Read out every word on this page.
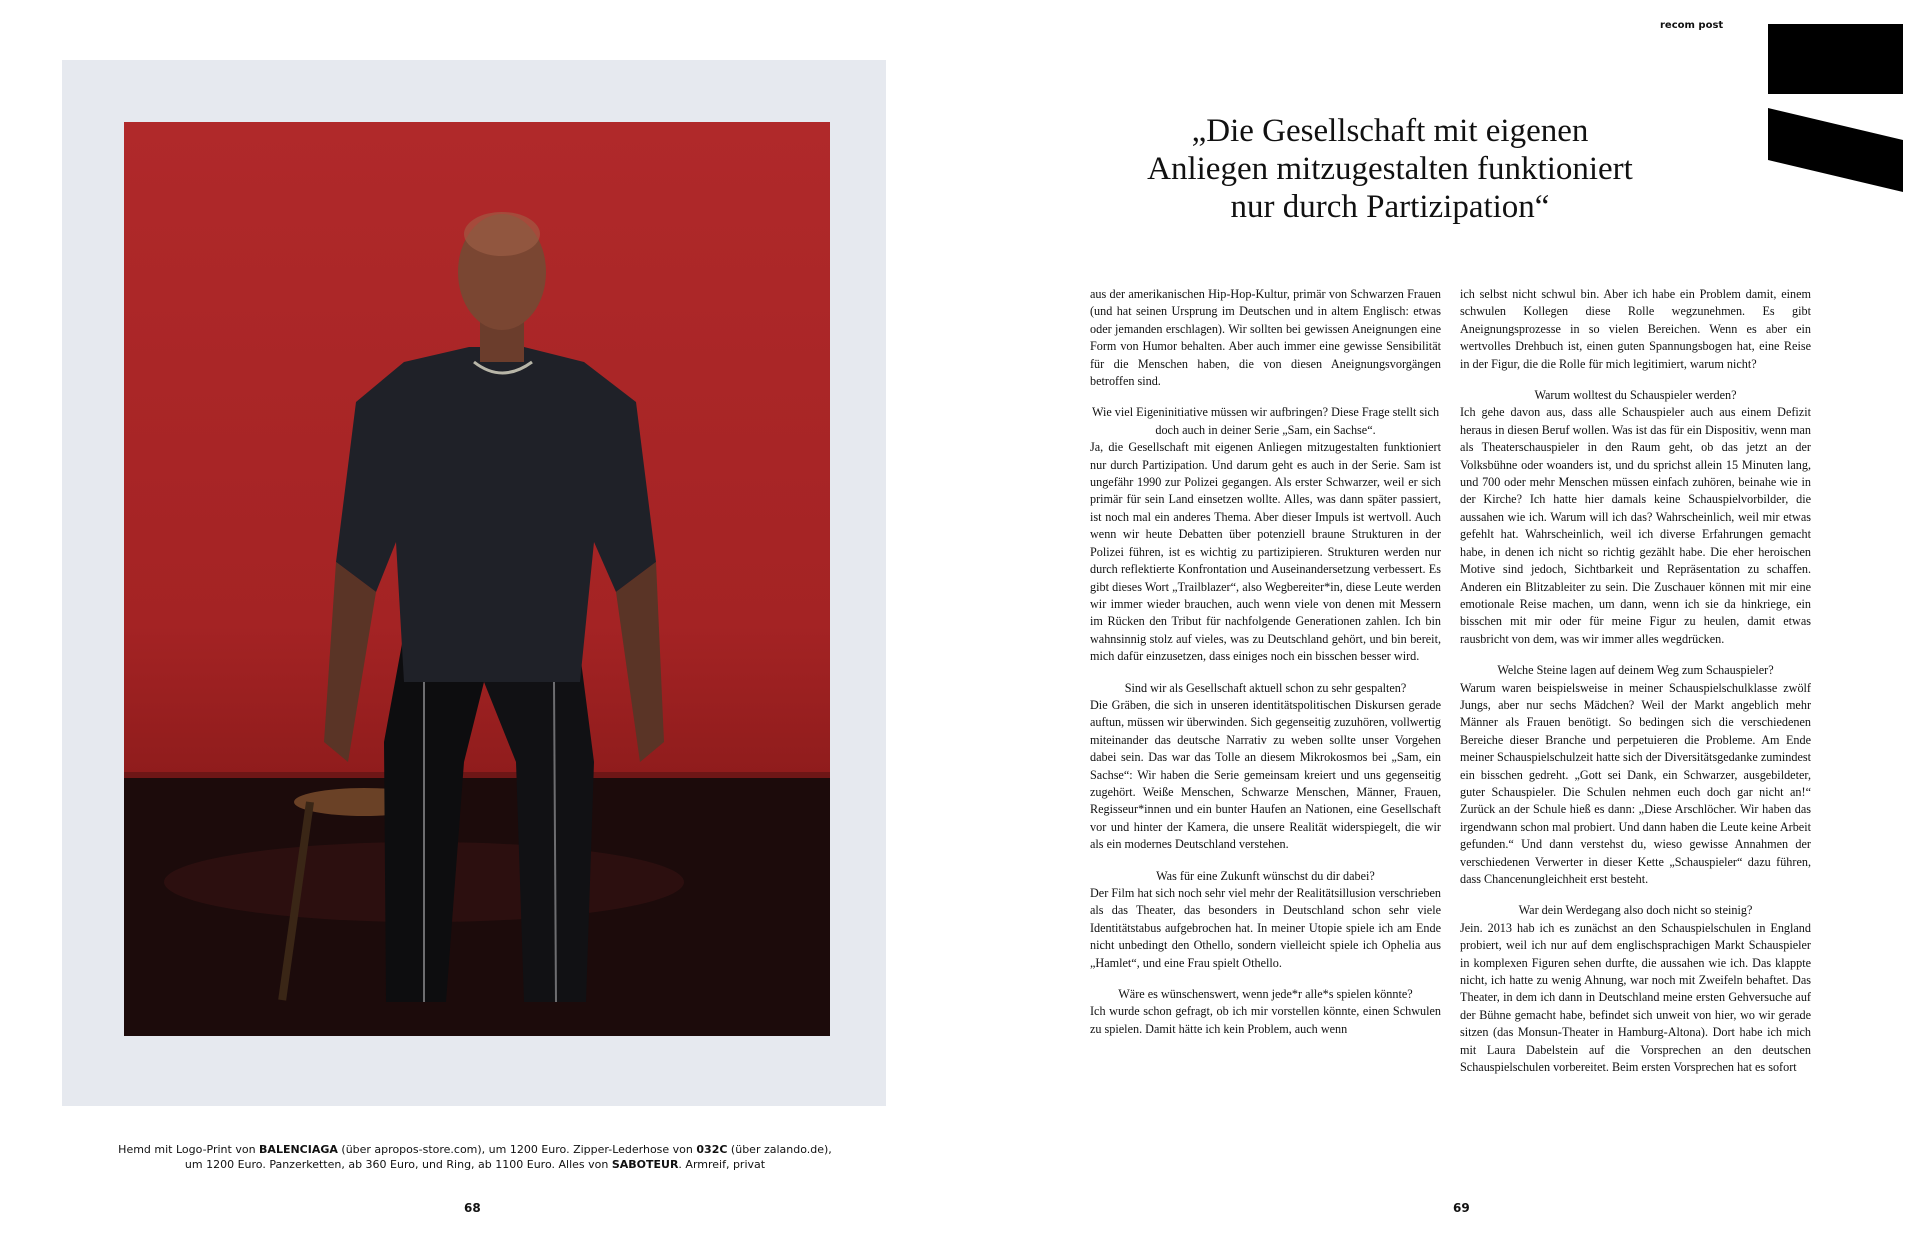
Hemd mit Logo-Print von BALENCIAGA (über apropos-store.com), um 1200 Euro. Zipper-Lederhose von 032C (über zalando.de), um 1200 Euro. Panzerketten, ab 360 Euro, und Ring, ab 1100 Euro. Alles von SABOTEUR. Armreif, privat
68
recom post
„Die Gesellschaft mit eigenen Anliegen mitzugestalten funktioniert nur durch Partizipation“

aus der amerikanischen Hip-Hop-Kultur, primär von Schwarzen Frauen (und hat seinen Ursprung im Deutschen und in altem Englisch: etwas oder jemanden erschlagen). Wir sollten bei gewissen Aneignungen eine Form von Humor behalten. Aber auch immer eine gewisse Sensibilität für die Menschen haben, die von diesen Aneignungsvorgängen betroffen sind.

Wie viel Eigeninitiative müssen wir aufbringen? Diese Frage stellt sich doch auch in deiner Serie „Sam, ein Sachse“.

Ja, die Gesellschaft mit eigenen Anliegen mitzugestalten funktioniert nur durch Partizipation. Und darum geht es auch in der Serie. Sam ist ungefähr 1990 zur Polizei gegangen. Als erster Schwarzer, weil er sich primär für sein Land einsetzen wollte. Alles, was dann später passiert, ist noch mal ein anderes Thema. Aber dieser Impuls ist wertvoll. Auch wenn wir heute Debatten über potenziell braune Strukturen in der Polizei führen, ist es wichtig zu partizipieren. Strukturen werden nur durch reflektierte Konfrontation und Auseinandersetzung verbessert. Es gibt dieses Wort „Trailblazer“, also Wegbereiter*in, diese Leute werden wir immer wieder brauchen, auch wenn viele von denen mit Messern im Rücken den Tribut für nachfolgende Generationen zahlen. Ich bin wahnsinnig stolz auf vieles, was zu Deutschland gehört, und bin bereit, mich dafür einzusetzen, dass einiges noch ein bisschen besser wird.

Sind wir als Gesellschaft aktuell schon zu sehr gespalten?

Die Gräben, die sich in unseren identitätspolitischen Diskursen gerade auftun, müssen wir überwinden. Sich gegenseitig zuzuhören, vollwertig miteinander das deutsche Narrativ zu weben sollte unser Vorgehen dabei sein. Das war das Tolle an diesem Mikrokosmos bei „Sam, ein Sachse“: Wir haben die Serie gemeinsam kreiert und uns gegenseitig zugehört. Weiße Menschen, Schwarze Menschen, Männer, Frauen, Regisseur*innen und ein bunter Haufen an Nationen, eine Gesellschaft vor und hinter der Kamera, die unsere Realität widerspiegelt, die wir als ein modernes Deutschland verstehen.

Was für eine Zukunft wünschst du dir dabei?

Der Film hat sich noch sehr viel mehr der Realitätsillusion verschrieben als das Theater, das besonders in Deutschland schon sehr viele Identitätstabus aufgebrochen hat. In meiner Utopie spiele ich am Ende nicht unbedingt den Othello, sondern vielleicht spiele ich Ophelia aus „Hamlet“, und eine Frau spielt Othello.

Wäre es wünschenswert, wenn jede*r alle*s spielen könnte?

Ich wurde schon gefragt, ob ich mir vorstellen könnte, einen Schwulen zu spielen. Damit hätte ich kein Problem, auch wenn

ich selbst nicht schwul bin. Aber ich habe ein Problem damit, einem schwulen Kollegen diese Rolle wegzunehmen. Es gibt Aneignungsprozesse in so vielen Bereichen. Wenn es aber ein wertvolles Drehbuch ist, einen guten Spannungsbogen hat, eine Reise in der Figur, die die Rolle für mich legitimiert, warum nicht?

Warum wolltest du Schauspieler werden?

Ich gehe davon aus, dass alle Schauspieler auch aus einem Defizit heraus in diesen Beruf wollen. Was ist das für ein Dispositiv, wenn man als Theaterschauspieler in den Raum geht, ob das jetzt an der Volksbühne oder woanders ist, und du sprichst allein 15 Minuten lang, und 700 oder mehr Menschen müssen einfach zuhören, beinahe wie in der Kirche? Ich hatte hier damals keine Schauspielvorbilder, die aussahen wie ich. Warum will ich das? Wahrscheinlich, weil mir etwas gefehlt hat. Wahrscheinlich, weil ich diverse Erfahrungen gemacht habe, in denen ich nicht so richtig gezählt habe. Die eher heroischen Motive sind jedoch, Sichtbarkeit und Repräsentation zu schaffen. Anderen ein Blitzableiter zu sein. Die Zuschauer können mit mir eine emotionale Reise machen, um dann, wenn ich sie da hinkriege, ein bisschen mit mir oder für meine Figur zu heulen, damit etwas rausbricht von dem, was wir immer alles wegdrücken.

Welche Steine lagen auf deinem Weg zum Schauspieler?

Warum waren beispielsweise in meiner Schauspielschulklasse zwölf Jungs, aber nur sechs Mädchen? Weil der Markt angeblich mehr Männer als Frauen benötigt. So bedingen sich die verschiedenen Bereiche dieser Branche und perpetuieren die Probleme. Am Ende meiner Schauspielschulzeit hatte sich der Diversitätsgedanke zumindest ein bisschen gedreht. „Gott sei Dank, ein Schwarzer, ausgebildeter, guter Schauspieler. Die Schulen nehmen euch doch gar nicht an!“ Zurück an der Schule hieß es dann: „Diese Arschlöcher. Wir haben das irgendwann schon mal probiert. Und dann haben die Leute keine Arbeit gefunden.“ Und dann verstehst du, wieso gewisse Annahmen der verschiedenen Verwerter in dieser Kette „Schauspieler“ dazu führen, dass Chancenungleichheit erst besteht.

War dein Werdegang also doch nicht so steinig?

Jein. 2013 hab ich es zunächst an den Schauspielschulen in England probiert, weil ich nur auf dem englischsprachigen Markt Schauspieler in komplexen Figuren sehen durfte, die aussahen wie ich. Das klappte nicht, ich hatte zu wenig Ahnung, war noch mit Zweifeln behaftet. Das Theater, in dem ich dann in Deutschland meine ersten Gehversuche auf der Bühne gemacht habe, befindet sich unweit von hier, wo wir gerade sitzen (das Monsun-Theater in Hamburg-Altona). Dort habe ich mich mit Laura Dabelstein auf die Vorsprechen an den deutschen Schauspielschulen vorbereitet. Beim ersten Vorsprechen hat es sofort

69
